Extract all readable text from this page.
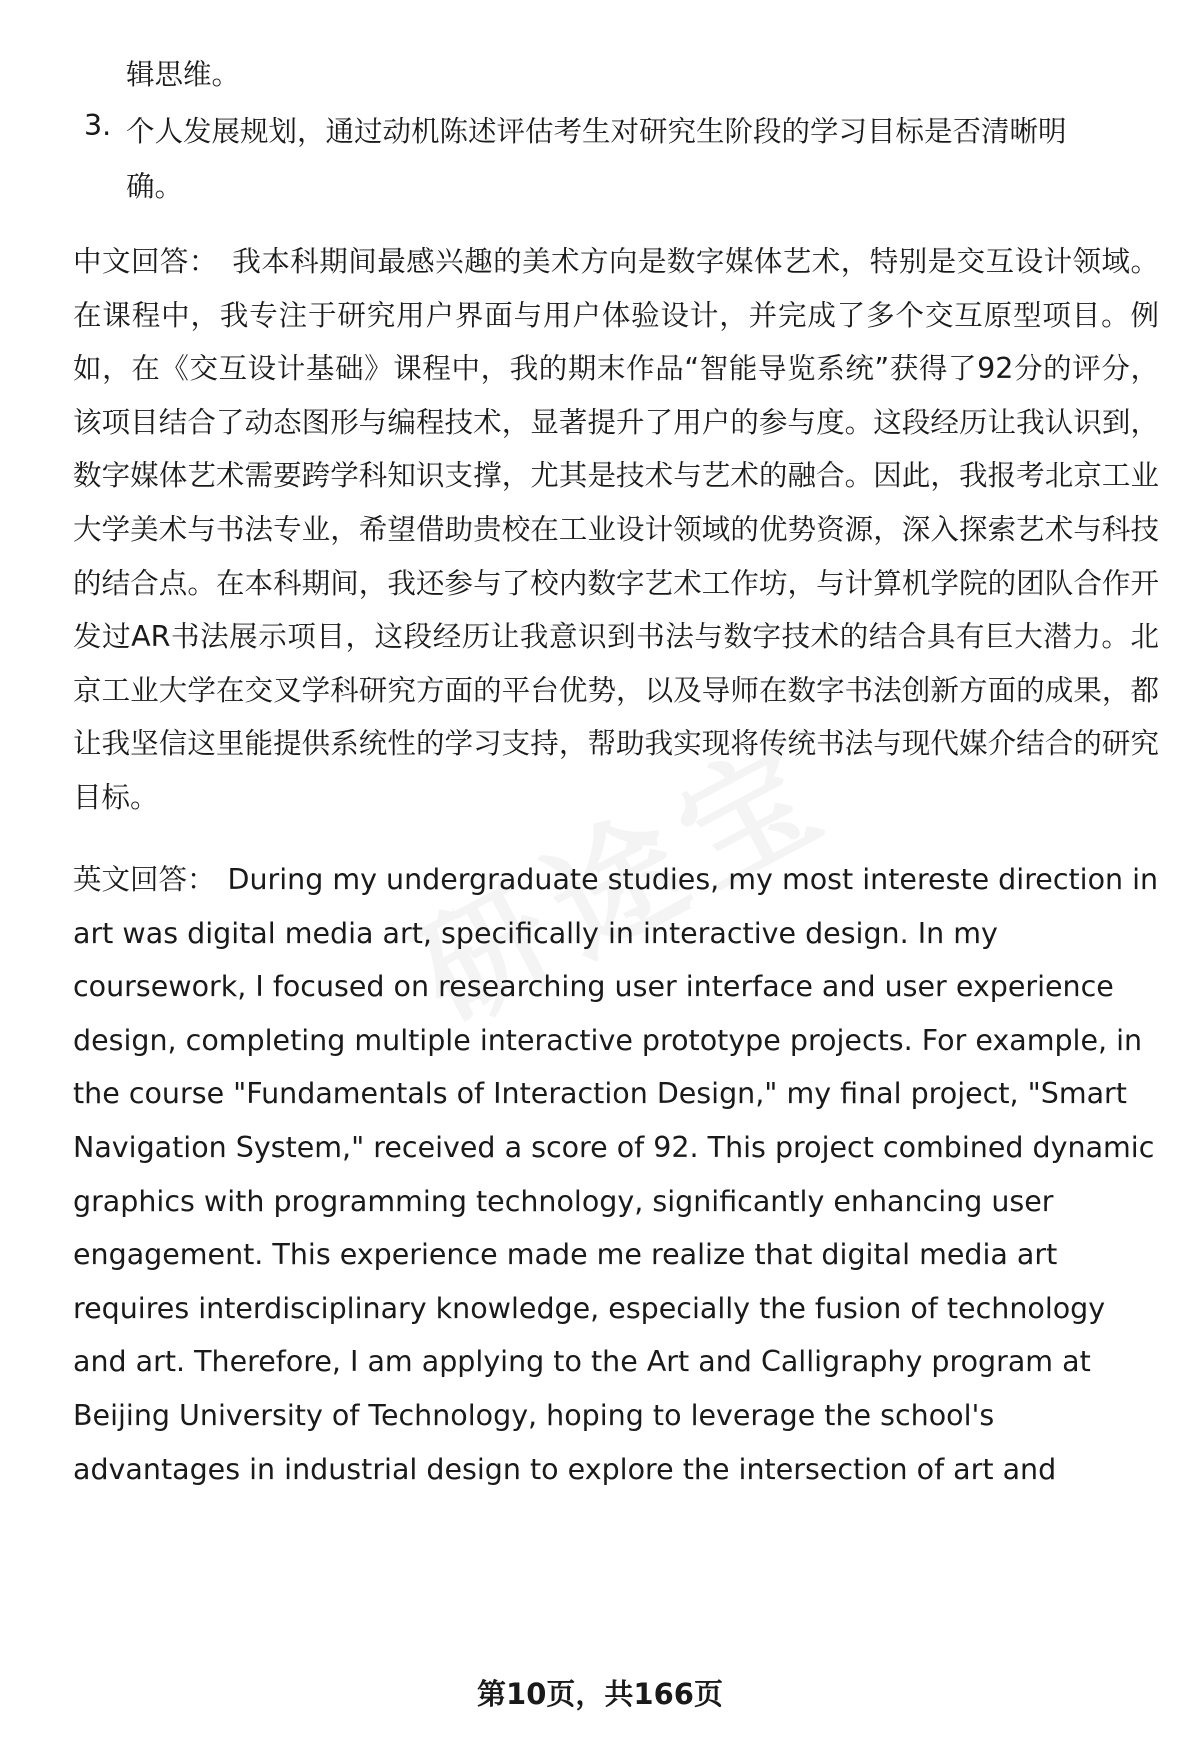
辑思维。
3. 个人发展规划，通过动机陈述评估考生对研究生阶段的学习目标是否清晰明
确。

中文回答： 我本科期间最感兴趣的美术方向是数字媒体艺术，特别是交互设计领域。在课程中，我专注于研究用户界面与用户体验设计，并完成了多个交互原型项目。例如，在《交互设计基础》课程中，我的期末作品“智能导览系统”获得了92分的评分，该项目结合了动态图形与编程技术，显著提升了用户的参与度。这段经历让我认识到，数字媒体艺术需要跨学科知识支撑，尤其是技术与艺术的融合。因此，我报考北京工业大学美术与书法专业，希望借助贵校在工业设计领域的优势资源，深入探索艺术与科技的结合点。在本科期间，我还参与了校内数字艺术工作坊，与计算机学院的团队合作开发过AR书法展示项目，这段经历让我意识到书法与数字技术的结合具有巨大潜力。北京工业大学在交叉学科研究方面的平台优势，以及导师在数字书法创新方面的成果，都让我坚信这里能提供系统性的学习支持，帮助我实现将传统书法与现代媒介结合的研究目标。

英文回答： During my undergraduate studies, my most intereste direction in art was digital media art, specifically in interactive design. In my coursework, I focused on researching user interface and user experience design, completing multiple interactive prototype projects. For example, in the course "Fundamentals of Interaction Design," my final project, "Smart Navigation System," received a score of 92. This project combined dynamic graphics with programming technology, significantly enhancing user engagement. This experience made me realize that digital media art requires interdisciplinary knowledge, especially the fusion of technology and art. Therefore, I am applying to the Art and Calligraphy program at Beijing University of Technology, hoping to leverage the school's advantages in industrial design to explore the intersection of art and

第10页，共166页
